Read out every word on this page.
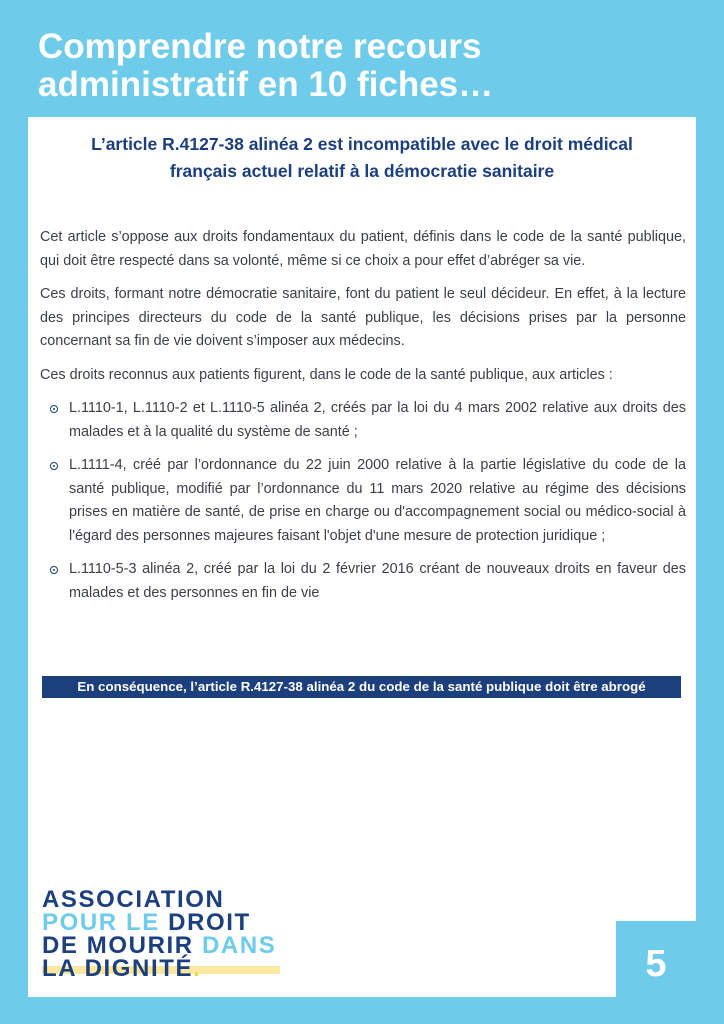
Comprendre notre recours
administratif en 10 fiches…
5
L’article R.4127-38 alinéa 2 est incompatible avec le droit médical
français actuel relatif à la démocratie sanitaire

Cet article s’oppose aux droits fondamentaux du patient, définis dans le code de la santé publique, qui doit être respecté dans sa volonté, même si ce choix a pour effet d’abréger sa vie.

Ces droits, formant notre démocratie sanitaire, font du patient le seul décideur. En effet, à la lecture des principes directeurs du code de la santé publique, les décisions prises par la personne concernant sa fin de vie doivent s’imposer aux médecins.

Ces droits reconnus aux patients figurent, dans le code de la santé publique, aux articles :

L.1110-1, L.1110-2 et L.1110-5 alinéa 2, créés par la loi du 4 mars 2002 relative aux droits des malades et à la qualité du système de santé ;
L.1111-4, créé par l’ordonnance du 22 juin 2000 relative à la partie législative du code de la santé publique, modifié par l’ordonnance du 11 mars 2020 relative au régime des décisions prises en matière de santé, de prise en charge ou d'accompagnement social ou médico-social à l'égard des personnes majeures faisant l'objet d'une mesure de protection juridique ;
L.1110-5-3 alinéa 2, créé par la loi du 2 février 2016 créant de nouveaux droits en faveur des malades et des personnes en fin de vie
En conséquence, l’article R.4127-38 alinéa 2 du code de la santé publique doit être abrogé
ASSOCIATION
POUR LE DROIT
DE MOURIR DANS
LA DIGNITÉ.
